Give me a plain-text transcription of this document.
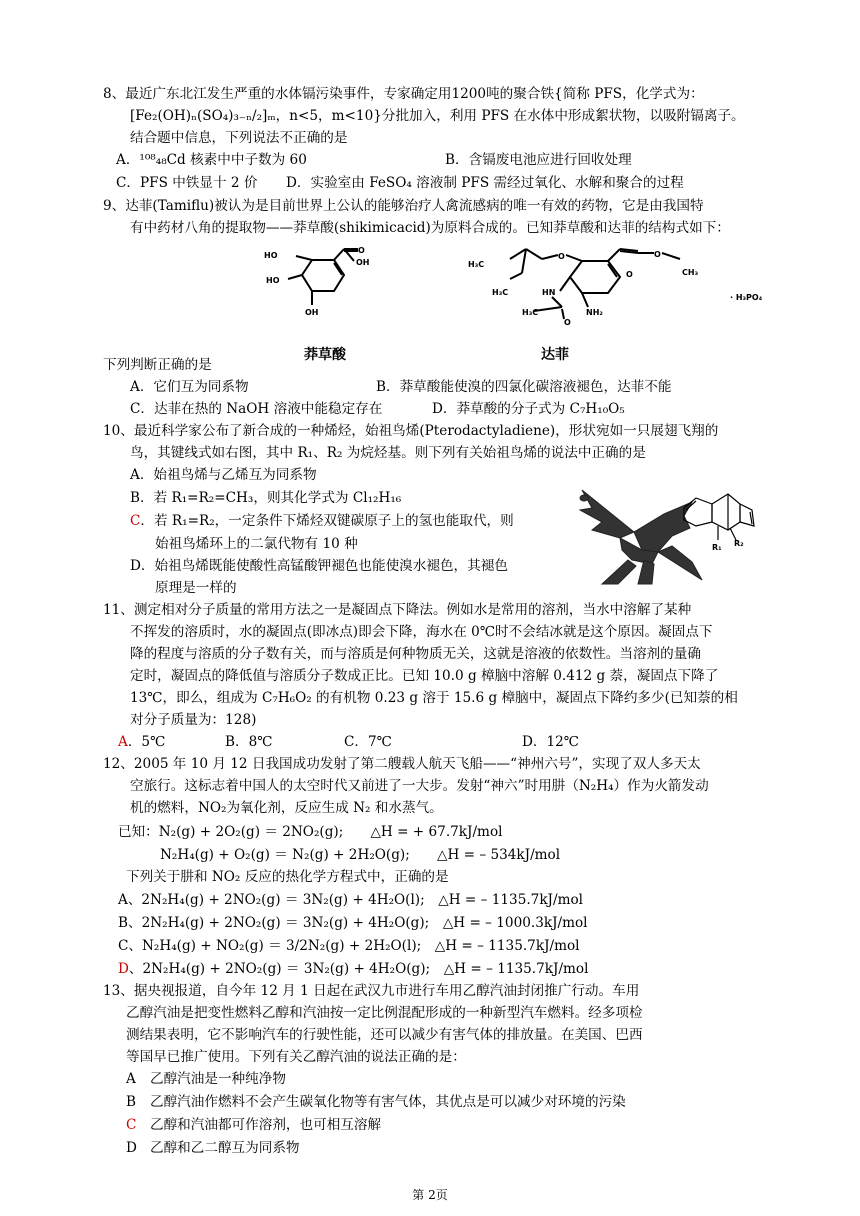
8、最近广东北江发生严重的水体镉污染事件，专家确定用1200吨的聚合铁{简称 PFS，化学式为：
[Fe₂(OH)ₙ(SO₄)₃₋ₙ/₂]ₘ，n<5，m<10}分批加入，利用 PFS 在水体中形成絮状物，以吸附镉离子。
结合题中信息，下列说法不正确的是
A．¹⁰⁸₄₈Cd 核素中中子数为 60	B．含镉废电池应进行回收处理
C．PFS 中铁显十 2 价 D．实验室由 FeSO₄ 溶液制 PFS 需经过氧化、水解和聚合的过程
9、达菲(Tamiflu)被认为是目前世界上公认的能够治疗人禽流感病的唯一有效的药物，它是由我国特
有中药材八角的提取物——莽草酸(shikimicacid)为原料合成的。已知莽草酸和达菲的结构式如下：
HO
HO
OH
O
OH	H₃C
H₃C
H₃C
HN
NH₂
CH₃
O
O
O
O
· H₃PO₄
莽草酸	达菲
下列判断正确的是
A．它们互为同系物	B．莽草酸能使溴的四氯化碳溶液褪色，达菲不能
C．达菲在热的 NaOH 溶液中能稳定存在	D．莽草酸的分子式为 C₇H₁₀O₅
10、最近科学家公布了新合成的一种烯烃，始祖鸟烯(Pterodactyladiene)，形状宛如一只展翅飞翔的
鸟，其键线式如右图，其中 R₁、R₂ 为烷烃基。则下列有关始祖鸟烯的说法中正确的是
A．始祖鸟烯与乙烯互为同系物
B．若 R₁=R₂=CH₃，则其化学式为 Cl₁₂H₁₆
C．若 R₁=R₂，一定条件下烯烃双键碳原子上的氢也能取代，则
始祖鸟烯环上的二氯代物有 10 种
D．始祖鸟烯既能使酸性高锰酸钾褪色也能使溴水褪色，其褪色
原理是一样的
R₁ R₂
11、测定相对分子质量的常用方法之一是凝固点下降法。例如水是常用的溶剂，当水中溶解了某种
不挥发的溶质时，水的凝固点(即冰点)即会下降，海水在 0℃时不会结冰就是这个原因。凝固点下
降的程度与溶质的分子数有关，而与溶质是何种物质无关，这就是溶液的依数性。当溶剂的量确
定时，凝固点的降低值与溶质分子数成正比。已知 10.0 g 樟脑中溶解 0.412 g 萘，凝固点下降了
13℃，即么，组成为 C₇H₆O₂ 的有机物 0.23 g 溶于 15.6 g 樟脑中，凝固点下降约多少(已知萘的相
对分子质量为：128)
A．5℃	B．8℃	C．7℃	D．12℃
12、2005 年 10 月 12 日我国成功发射了第二艘载人航天飞船——“神州六号”，实现了双人多天太
空旅行。这标志着中国人的太空时代又前进了一大步。发射“神六”时用肼（N₂H₄）作为火箭发动
机的燃料，NO₂为氧化剂，反应生成 N₂ 和水蒸气。
已知：N₂(g) + 2O₂(g) ＝ 2NO₂(g);　　△H = + 67.7kJ/mol
N₂H₄(g) + O₂(g) ＝ N₂(g) + 2H₂O(g);　　△H = – 534kJ/mol
下列关于肼和 NO₂ 反应的热化学方程式中，正确的是
A、2N₂H₄(g) + 2NO₂(g) ＝ 3N₂(g) + 4H₂O(l);　△H = – 1135.7kJ/mol
B、2N₂H₄(g) + 2NO₂(g) ＝ 3N₂(g) + 4H₂O(g);　△H = – 1000.3kJ/mol
C、N₂H₄(g) + NO₂(g) ＝ 3/2N₂(g) + 2H₂O(l);　△H = – 1135.7kJ/mol
D、2N₂H₄(g) + 2NO₂(g) ＝ 3N₂(g) + 4H₂O(g);　△H = – 1135.7kJ/mol
13、据央视报道，自今年 12 月 1 日起在武汉九市进行车用乙醇汽油封闭推广行动。车用
乙醇汽油是把变性燃料乙醇和汽油按一定比例混配形成的一种新型汽车燃料。经多项检
测结果表明，它不影响汽车的行驶性能，还可以减少有害气体的排放量。在美国、巴西
等国早已推广使用。下列有关乙醇汽油的说法正确的是：
A 乙醇汽油是一种纯净物
B 乙醇汽油作燃料不会产生碳氧化物等有害气体，其优点是可以减少对环境的污染
C 乙醇和汽油都可作溶剂，也可相互溶解
D 乙醇和乙二醇互为同系物
第 2页
